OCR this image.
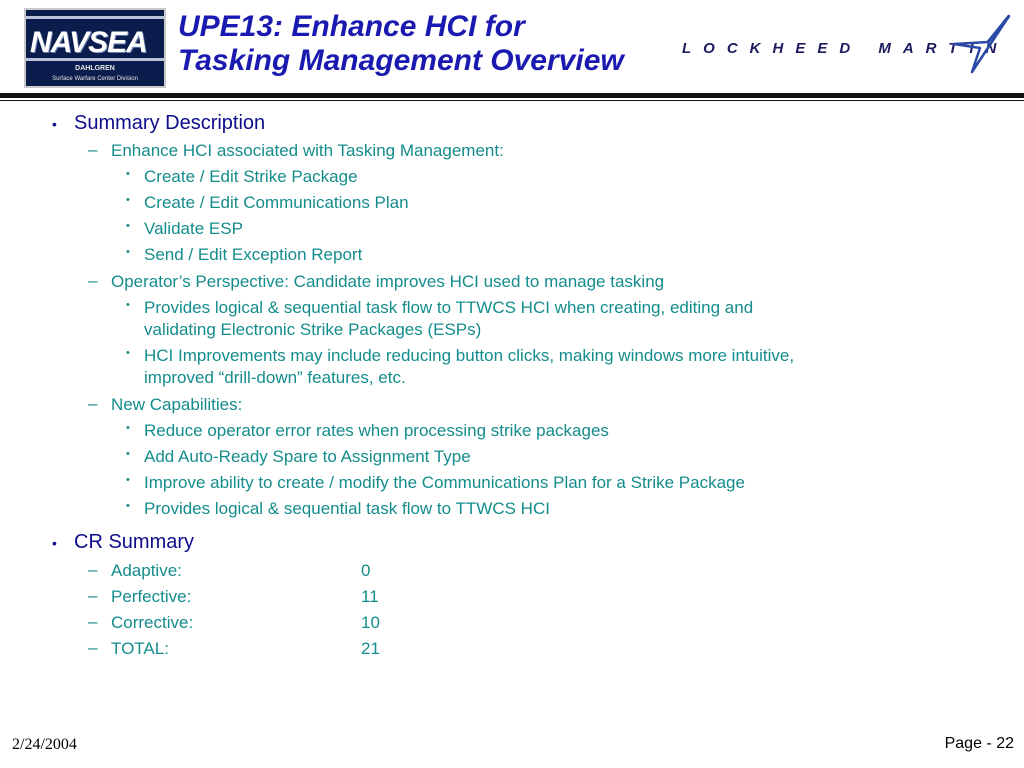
NAVSEA
DAHLGREN
Surface Warfare Center Division
UPE13: Enhance HCI for
Tasking Management Overview	LOCKHEED MARTIN
• Summary Description
– Enhance HCI associated with Tasking Management:
• Create / Edit Strike Package
• Create / Edit Communications Plan
• Validate ESP
• Send / Edit Exception Report
– Operator’s Perspective: Candidate improves HCI used to manage tasking
• Provides logical & sequential task flow to TTWCS HCI when creating, editing and
validating Electronic Strike Packages (ESPs)
• HCI Improvements may include reducing button clicks, making windows more intuitive,
improved “drill-down” features, etc.
– New Capabilities:
• Reduce operator error rates when processing strike packages
• Add Auto-Ready Spare to Assignment Type
• Improve ability to create / modify the Communications Plan for a Strike Package
• Provides logical & sequential task flow to TTWCS HCI
• CR Summary
– Adaptive:	0
– Perfective:	11
– Corrective:	10
– TOTAL:	21
2/24/2004	Page - 22
